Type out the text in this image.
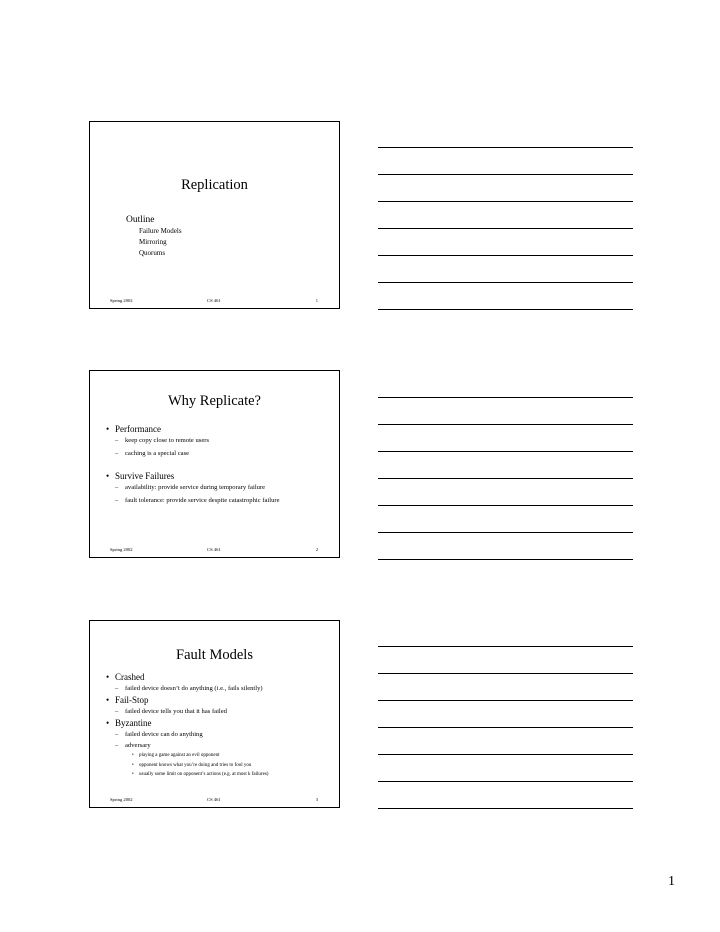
Replication
Outline
Failure Models
Mirroring
Quorums
Spring 2002	CS 461	1
Why Replicate?
• Performance
– keep copy close to remote users
– caching is a special case
• Survive Failures
– availability: provide service during temporary failure
– fault tolerance: provide service despite catastrophic failure
Spring 2002	CS 461	2
Fault Models
• Crashed
– failed device doesn’t do anything (i.e., fails silently)
• Fail-Stop
– failed device tells you that it has failed
• Byzantine
– failed device can do anything
– adversary
• playing a game against an evil opponent
• opponent knows what you’re doing and tries to fool you
• usually some limit on opponent’s actions (e.g. at most k failures)
Spring 2002	CS 461	3
1
